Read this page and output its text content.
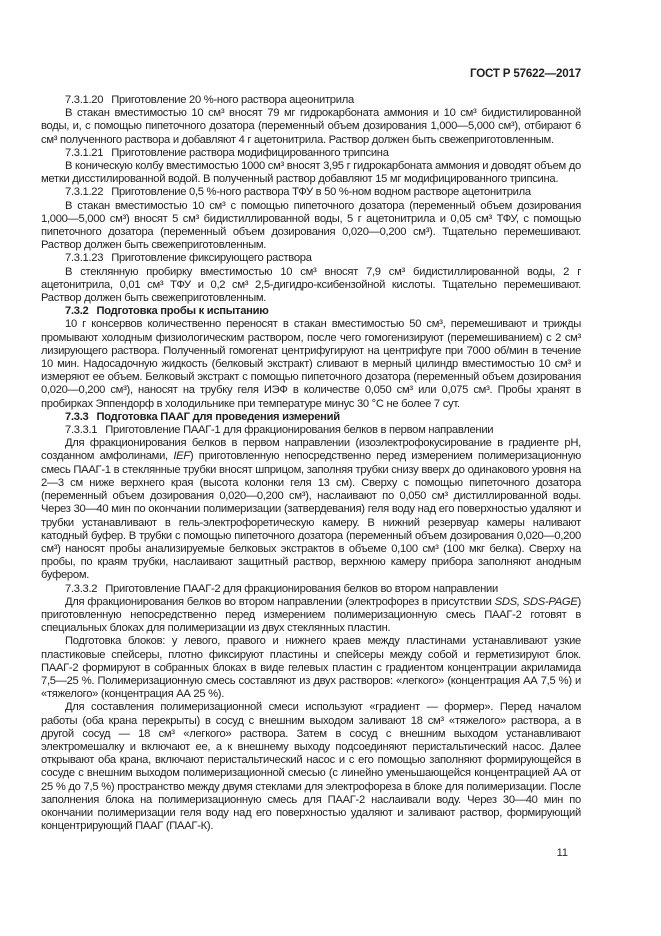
ГОСТ Р 57622—2017

7.3.1.20 Приготовление 20 %-ного раствора ацеонитрила

В стакан вместимостью 10 см³ вносят 79 мг гидрокарбоната аммония и 10 см³ бидистилированной воды, и, с помощью пипеточного дозатора (переменный объем дозирования 1,000—5,000 см³), отбирают 6 см³ полученного раствора и добавляют 4 г ацетонитрила. Раствор должен быть свежеприготовленным.

7.3.1.21 Приготовление раствора модифицированного трипсина

В коническую колбу вместимостью 1000 см³ вносят 3,95 г гидрокарбоната аммония и доводят объем до метки дисстилированной водой. В полученный раствор добавляют 15 мг модифицированного трипсина.

7.3.1.22 Приготовление 0,5 %-ного раствора ТФУ в 50 %-ном водном растворе ацетонитрила

В стакан вместимостью 10 см³ с помощью пипеточного дозатора (переменный объем дозирования 1,000—5,000 см³) вносят 5 см³ бидистиллированной воды, 5 г ацетонитрила и 0,05 см³ ТФУ, с помощью пипеточного дозатора (переменный объем дозирования 0,020—0,200 см³). Тщательно перемешивают. Раствор должен быть свежеприготовленным.

7.3.1.23 Приготовление фиксирующего раствора

В стеклянную пробирку вместимостью 10 см³ вносят 7,9 см³ бидистиллированной воды, 2 г ацетонитрила, 0,01 см³ ТФУ и 0,2 см³ 2,5-дигидро-ксибензойной кислоты. Тщательно перемешивают. Раствор должен быть свежеприготовленным.

7.3.2 Подготовка пробы к испытанию

10 г консервов количественно переносят в стакан вместимостью 50 см³, перемешивают и трижды промывают холодным физиологическим раствором, после чего гомогенизируют (перемешиванием) с 2 см³ лизирующего раствора. Полученный гомогенат центрифугируют на центрифуге при 7000 об/мин в течение 10 мин. Надосадочную жидкость (белковый экстракт) сливают в мерный цилиндр вместимостью 10 см³ и измеряют ее объем. Белковый экстракт с помощью пипеточного дозатора (переменный объем дозирования 0,020—0,200 см³), наносят на трубку геля ИЭФ в количестве 0,050 см³ или 0,075 см³. Пробы хранят в пробирках Эппендорф в холодильнике при температуре минус 30 °С не более 7 сут.

7.3.3 Подготовка ПААГ для проведения измерений

7.3.3.1 Приготовление ПААГ-1 для фракционирования белков в первом направлении

Для фракционирования белков в первом направлении (изоэлектрофокусирование в градиенте pH, созданном амфолинами, IEF) приготовленную непосредственно перед измерением полимеризационную смесь ПААГ-1 в стеклянные трубки вносят шприцом, заполняя трубки снизу вверх до одинакового уровня на 2—3 см ниже верхнего края (высота колонки геля 13 см). Сверху с помощью пипеточного дозатора (переменный объем дозирования 0,020—0,200 см³), наслаивают по 0,050 см³ дистиллированной воды. Через 30—40 мин по окончании полимеризации (затвердевания) геля воду над его поверхностью удаляют и трубки устанавливают в гель-электрофоретическую камеру. В нижний резервуар камеры наливают катодный буфер. В трубки с помощью пипеточного дозатора (переменный объем дозирования 0,020—0,200 см³) наносят пробы анализируемые белковых экстрактов в объеме 0,100 см³ (100 мкг белка). Сверху на пробы, по краям трубки, наслаивают защитный раствор, верхнюю камеру прибора заполняют анодным буфером.

7.3.3.2 Приготовление ПААГ-2 для фракционирования белков во втором направлении

Для фракционирования белков во втором направлении (электрофорез в присутствии SDS, SDS-PAGE) приготовленную непосредственно перед измерением полимеризационную смесь ПААГ-2 готовят в специальных блоках для полимеризации из двух стеклянных пластин.

Подготовка блоков: у левого, правого и нижнего краев между пластинами устанавливают узкие пластиковые спейсеры, плотно фиксируют пластины и спейсеры между собой и герметизируют блок. ПААГ-2 формируют в собранных блоках в виде гелевых пластин с градиентом концентрации акриламида 7,5—25 %. Полимеризационную смесь составляют из двух растворов: «легкого» (концентрация АА 7,5 %) и «тяжелого» (концентрация АА 25 %).

Для составления полимеризационной смеси используют «градиент — формер». Перед началом работы (оба крана перекрыты) в сосуд с внешним выходом заливают 18 см³ «тяжелого» раствора, а в другой сосуд — 18 см³ «легкого» раствора. Затем в сосуд с внешним выходом устанавливают электромешалку и включают ее, а к внешнему выходу подсоединяют перистальтический насос. Далее открывают оба крана, включают перистальтический насос и с его помощью заполняют формирующейся в сосуде с внешним выходом полимеризационной смесью (с линейно уменьшающейся концентрацией АА от 25 % до 7,5 %) пространство между двумя стеклами для электрофореза в блоке для полимеризации. После заполнения блока на полимеризационную смесь для ПААГ-2 наслаивали воду. Через 30—40 мин по окончании полимеризации геля воду над его поверхностью удаляют и заливают раствор, формирующий концентрирующий ПААГ (ПААГ-К).

11
